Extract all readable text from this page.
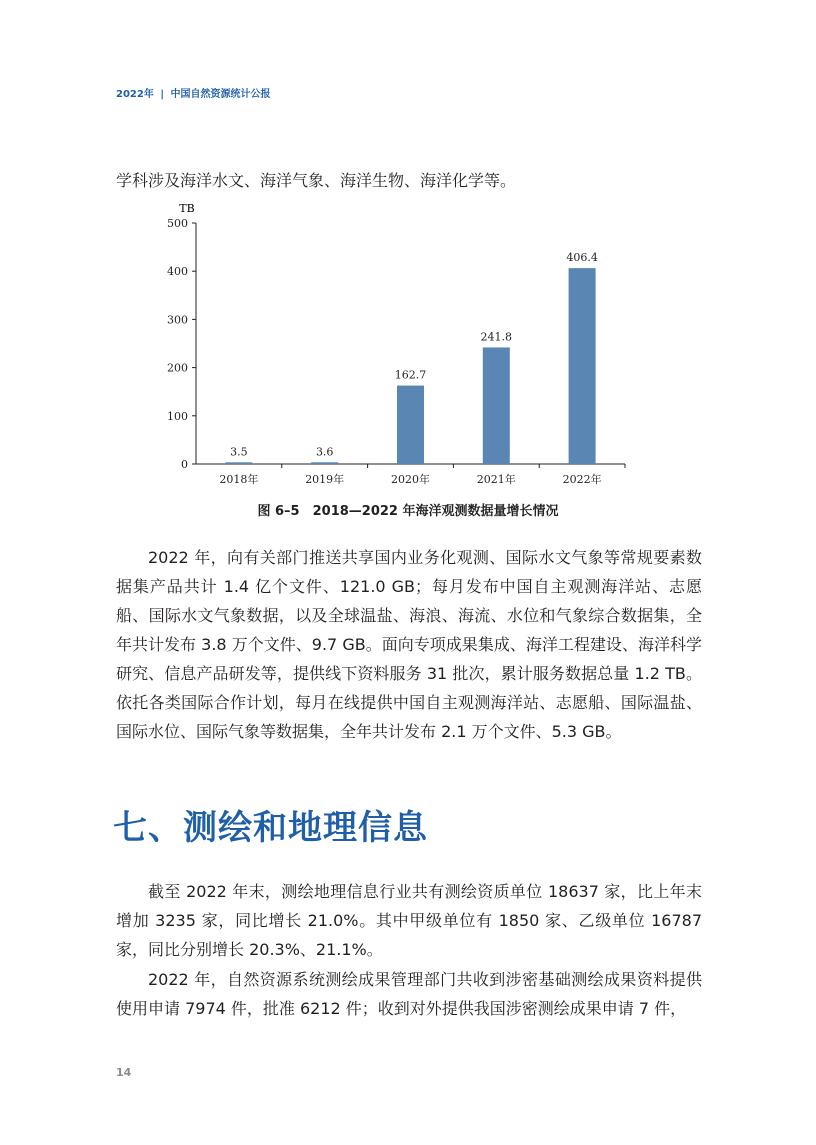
2022年 | 中国自然资源统计公报

学科涉及海洋水文、海洋气象、海洋生物、海洋化学等。

TB
0
100
200
300
400
500
3.5
2018年
3.6
2019年
162.7
2020年
241.8
2021年
406.4
2022年
图 6–5　2018—2022 年海洋观测数据量增长情况

2022 年，向有关部门推送共享国内业务化观测、国际水文气象等常规要素数据集产品共计 1.4 亿个文件、121.0 GB；每月发布中国自主观测海洋站、志愿船、国际水文气象数据，以及全球温盐、海浪、海流、水位和气象综合数据集，全年共计发布 3.8 万个文件、9.7 GB。面向专项成果集成、海洋工程建设、海洋科学研究、信息产品研发等，提供线下资料服务 31 批次，累计服务数据总量 1.2 TB。依托各类国际合作计划，每月在线提供中国自主观测海洋站、志愿船、国际温盐、国际水位、国际气象等数据集，全年共计发布 2.1 万个文件、5.3 GB。

七、测绘和地理信息

截至 2022 年末，测绘地理信息行业共有测绘资质单位 18637 家，比上年末增加 3235 家，同比增长 21.0%。其中甲级单位有 1850 家、乙级单位 16787 家，同比分别增长 20.3%、21.1%。

2022 年，自然资源系统测绘成果管理部门共收到涉密基础测绘成果资料提供使用申请 7974 件，批准 6212 件；收到对外提供我国涉密测绘成果申请 7 件，

14
